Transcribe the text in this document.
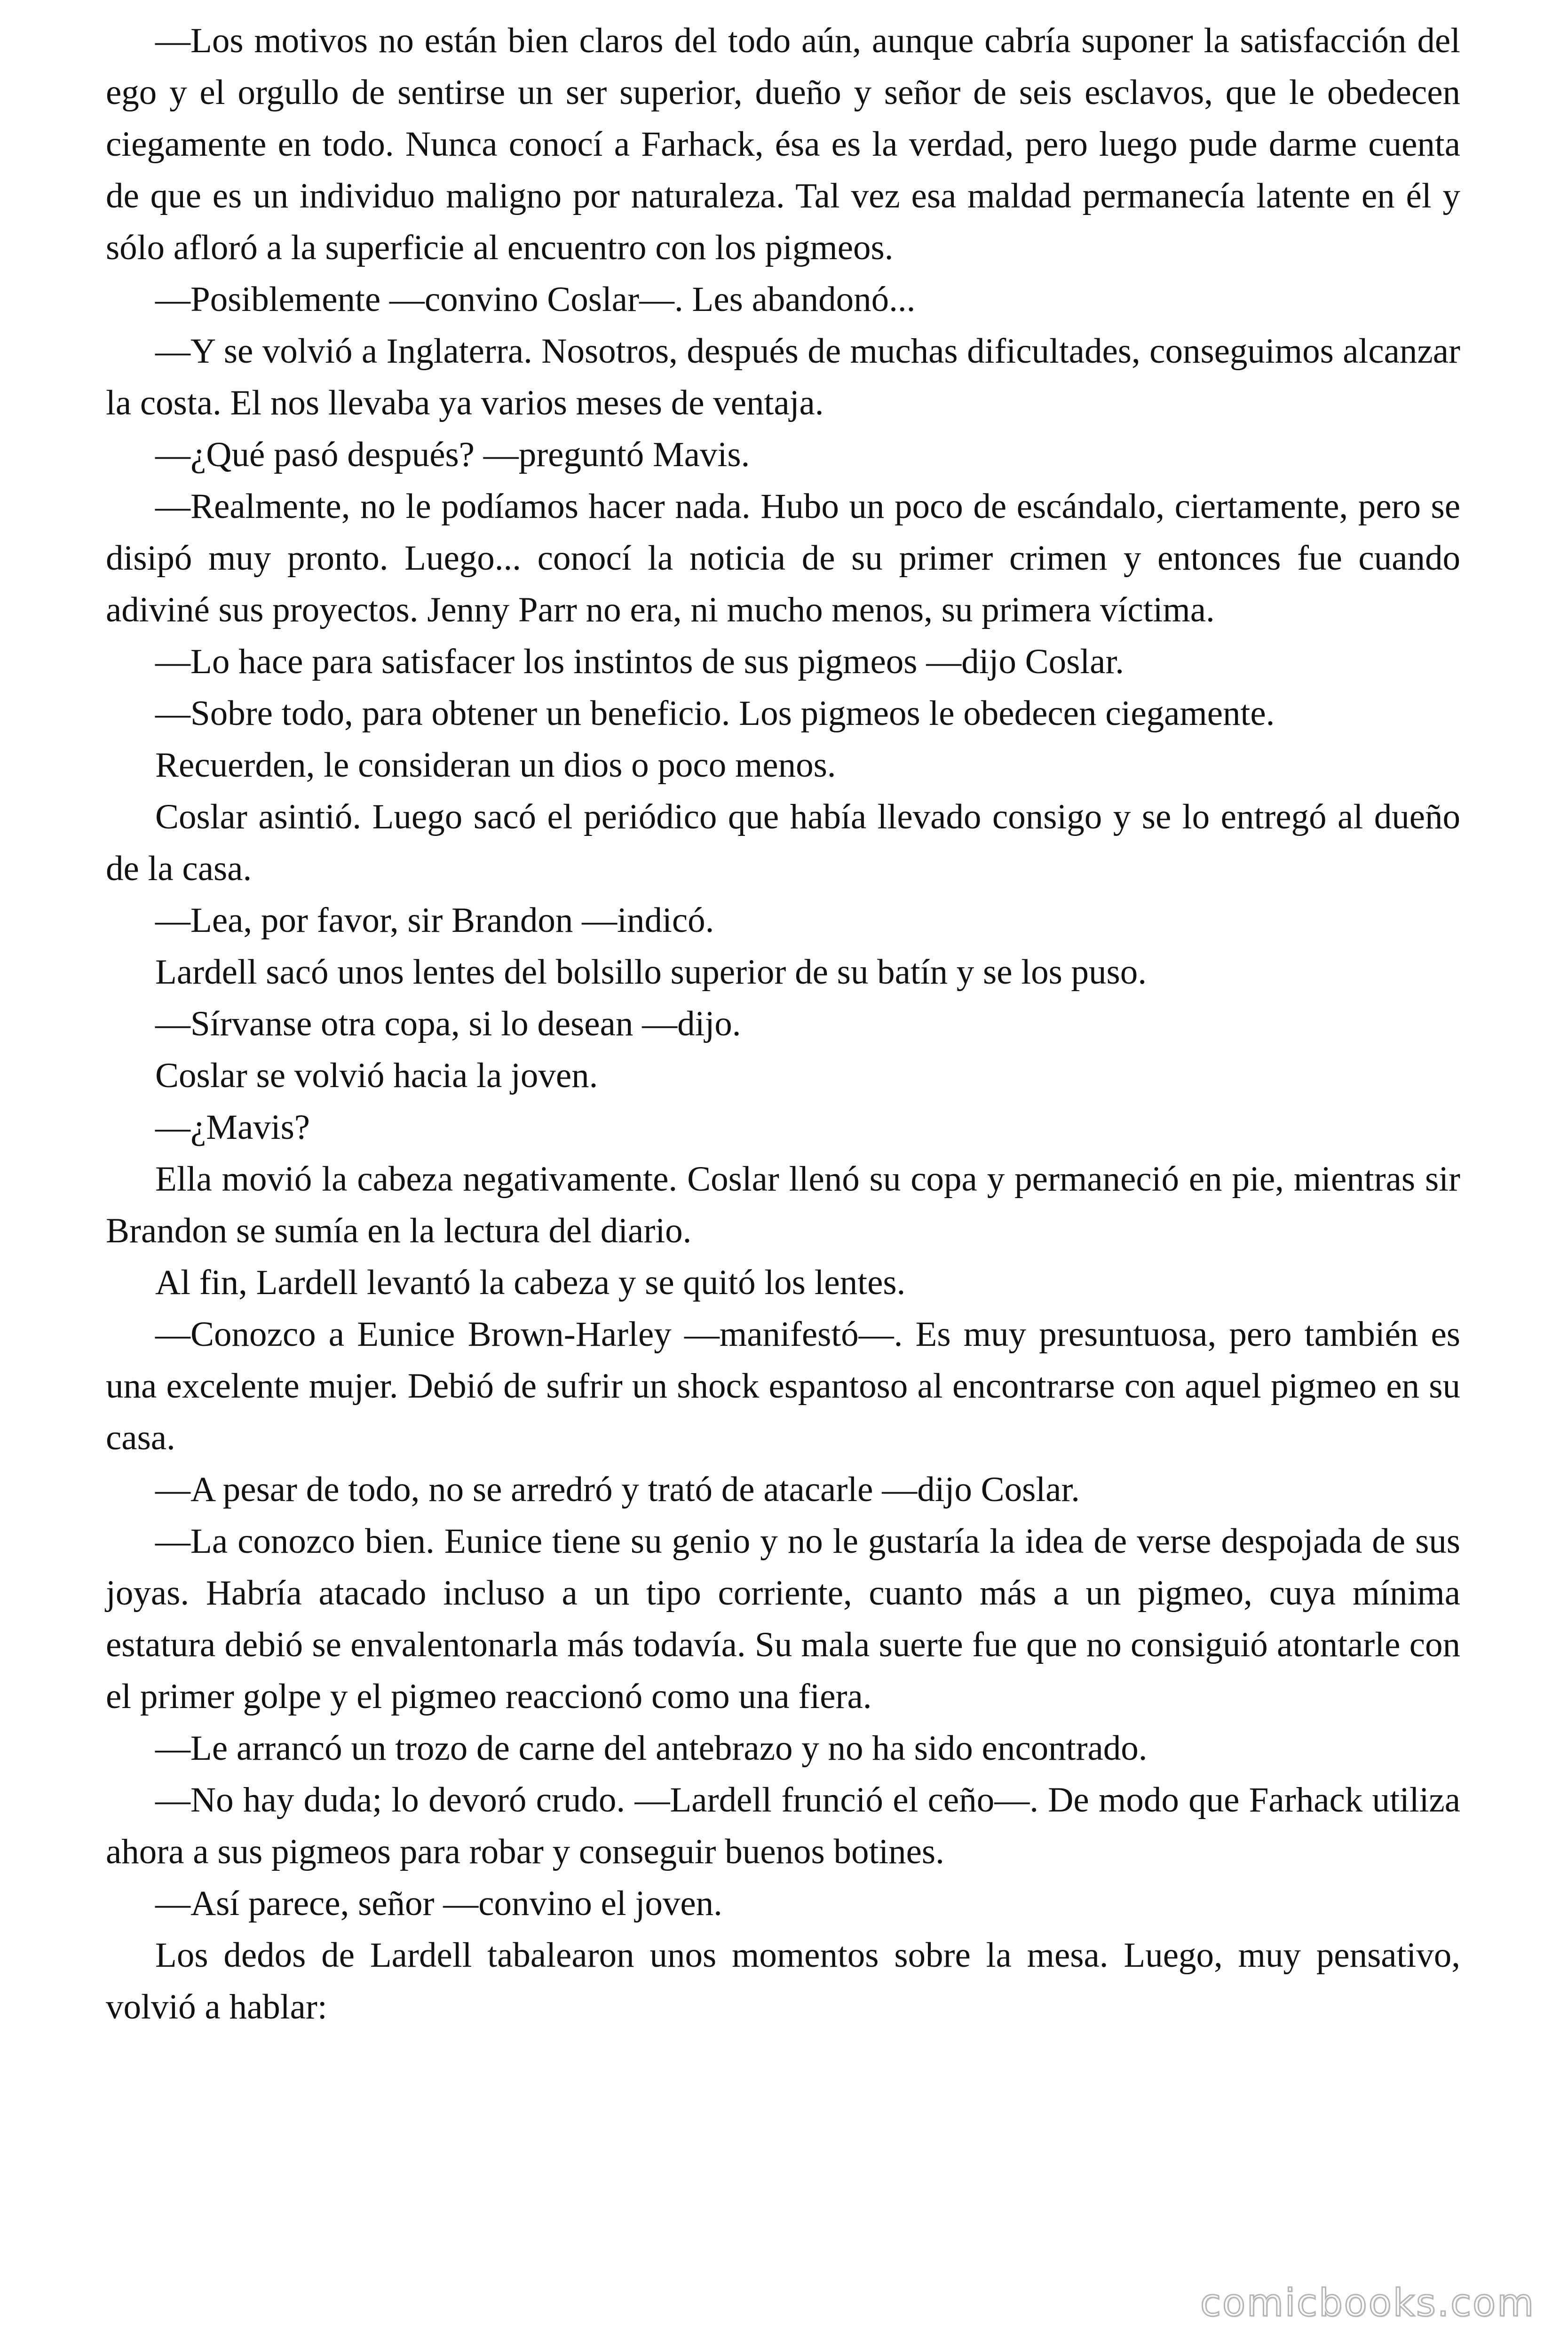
—Los motivos no están bien claros del todo aún, aunque cabría suponer la satisfacción del ego y el orgullo de sentirse un ser superior, dueño y señor de seis esclavos, que le obedecen ciegamente en todo. Nunca conocí a Farhack, ésa es la verdad, pero luego pude darme cuenta de que es un individuo maligno por naturaleza. Tal vez esa maldad permanecía latente en él y sólo afloró a la superficie al encuentro con los pigmeos.

—Posiblemente —convino Coslar—. Les abandonó...

—Y se volvió a Inglaterra. Nosotros, después de muchas dificultades, conseguimos alcanzar la costa. El nos llevaba ya varios meses de ventaja.

—¿Qué pasó después? —preguntó Mavis.

—Realmente, no le podíamos hacer nada. Hubo un poco de escándalo, ciertamente, pero se disipó muy pronto. Luego... conocí la noticia de su primer crimen y entonces fue cuando adiviné sus proyectos. Jenny Parr no era, ni mucho menos, su primera víctima.

—Lo hace para satisfacer los instintos de sus pigmeos —dijo Coslar.

—Sobre todo, para obtener un beneficio. Los pigmeos le obedecen ciegamente.

Recuerden, le consideran un dios o poco menos.

Coslar asintió. Luego sacó el periódico que había llevado consigo y se lo entregó al dueño de la casa.

—Lea, por favor, sir Brandon —indicó.

Lardell sacó unos lentes del bolsillo superior de su batín y se los puso.

—Sírvanse otra copa, si lo desean —dijo.

Coslar se volvió hacia la joven.

—¿Mavis?

Ella movió la cabeza negativamente. Coslar llenó su copa y permaneció en pie, mientras sir Brandon se sumía en la lectura del diario.

Al fin, Lardell levantó la cabeza y se quitó los lentes.

—Conozco a Eunice Brown-Harley —manifestó—. Es muy presuntuosa, pero también es una excelente mujer. Debió de sufrir un shock espantoso al encontrarse con aquel pigmeo en su casa.

—A pesar de todo, no se arredró y trató de atacarle —dijo Coslar.

—La conozco bien. Eunice tiene su genio y no le gustaría la idea de verse despojada de sus joyas. Habría atacado incluso a un tipo corriente, cuanto más a un pigmeo, cuya mínima estatura debió se envalentonarla más todavía. Su mala suerte fue que no consiguió atontarle con el primer golpe y el pigmeo reaccionó como una fiera.

—Le arrancó un trozo de carne del antebrazo y no ha sido encontrado.

—No hay duda; lo devoró crudo. —Lardell frunció el ceño—. De modo que Farhack utiliza ahora a sus pigmeos para robar y conseguir buenos botines.

—Así parece, señor —convino el joven.

Los dedos de Lardell tabalearon unos momentos sobre la mesa. Luego, muy pensativo, volvió a hablar:

comicbooks.com
